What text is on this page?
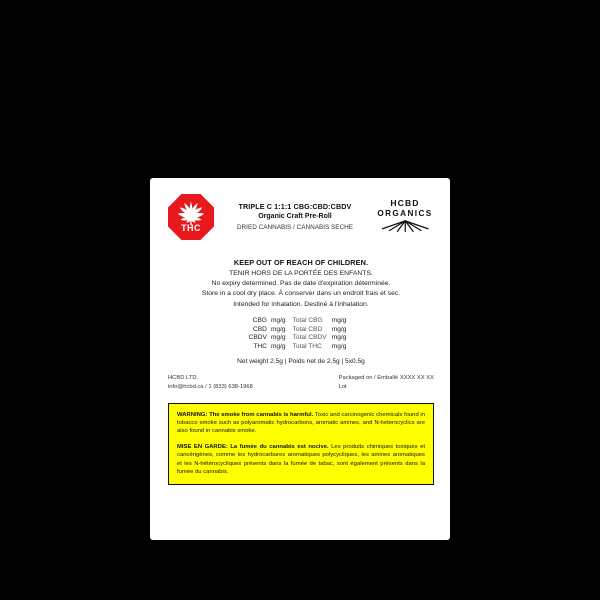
THC
TRIPLE C 1:1:1 CBG:CBD:CBDV
Organic Craft Pre-Roll
DRIED CANNABIS / CANNABIS SECHE
HCBD
ORGANICS
KEEP OUT OF REACH OF CHILDREN.
TENIR HORS DE LA PORTÉE DES ENFANTS.
No expiry determined. Pas de date d'expiration déterminée.
Store in a cool dry place. À conserver dans un endroit frais et sec.
Intended for inhalation. Destiné à l'inhalation.
CBG	mg/g	Total CBG	mg/g
CBD	mg/g	Total CBD	mg/g
CBDV	mg/g	Total CBDV	mg/g
THC	mg/g	Total THC	mg/g
Net weight 2.5g | Poids net de 2.5g | 5x0.5g
HCBD LTD.
info@hcbd.ca / 1 (833) 638-1968
Packaged on / Emballé XXXX XX XX
Lot

WARNING: The smoke from cannabis is harmful. Toxic and carcinogenic chemicals found in tobacco smoke such as polyaromatic hydrocarbons, aromatic amines, and N-heterocyclics are also found in cannabis smoke.

MISE EN GARDE: La fumée du cannabis est nocive. Les produits chimiques toxiques et cancérigènes, comme les hydrocarbures aromatiques polycycliques, les amines aromatiques et les N-hétérocycliques présents dans la fumée de tabac, sont également présents dans la fumée du cannabis.
